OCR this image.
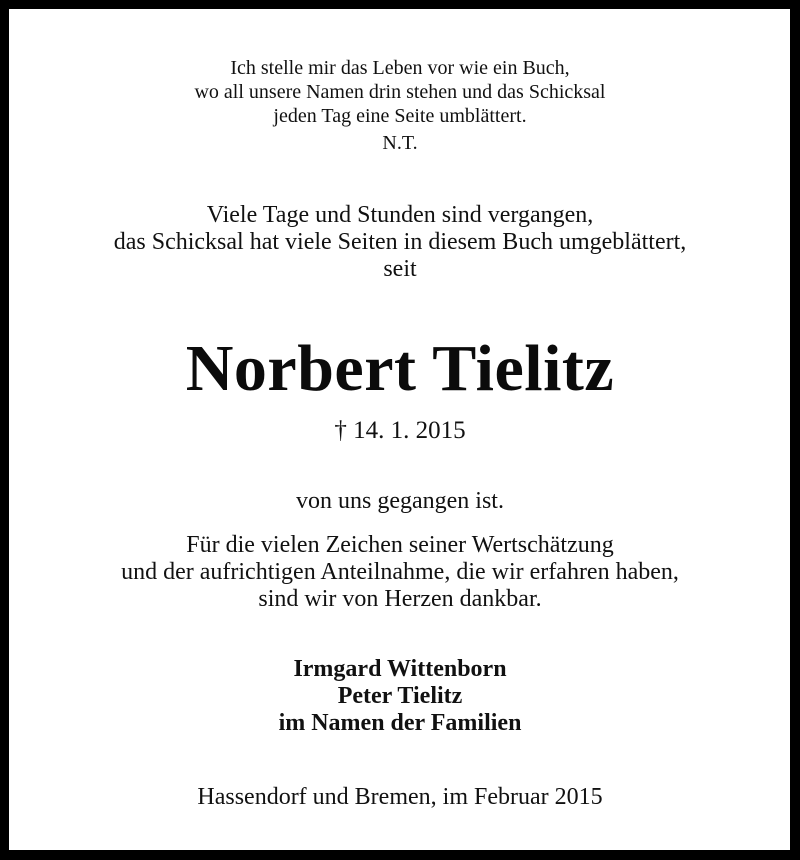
Ich stelle mir das Leben vor wie ein Buch,

wo all unsere Namen drin stehen und das Schicksal

jeden Tag eine Seite umblättert.

N.T.

Viele Tage und Stunden sind vergangen,

das Schicksal hat viele Seiten in diesem Buch umgeblättert,

seit

Norbert Tielitz

† 14. 1. 2015

von uns gegangen ist.

Für die vielen Zeichen seiner Wertschätzung

und der aufrichtigen Anteilnahme, die wir erfahren haben,

sind wir von Herzen dankbar.

Irmgard Wittenborn

Peter Tielitz

im Namen der Familien

Hassendorf und Bremen, im Februar 2015
